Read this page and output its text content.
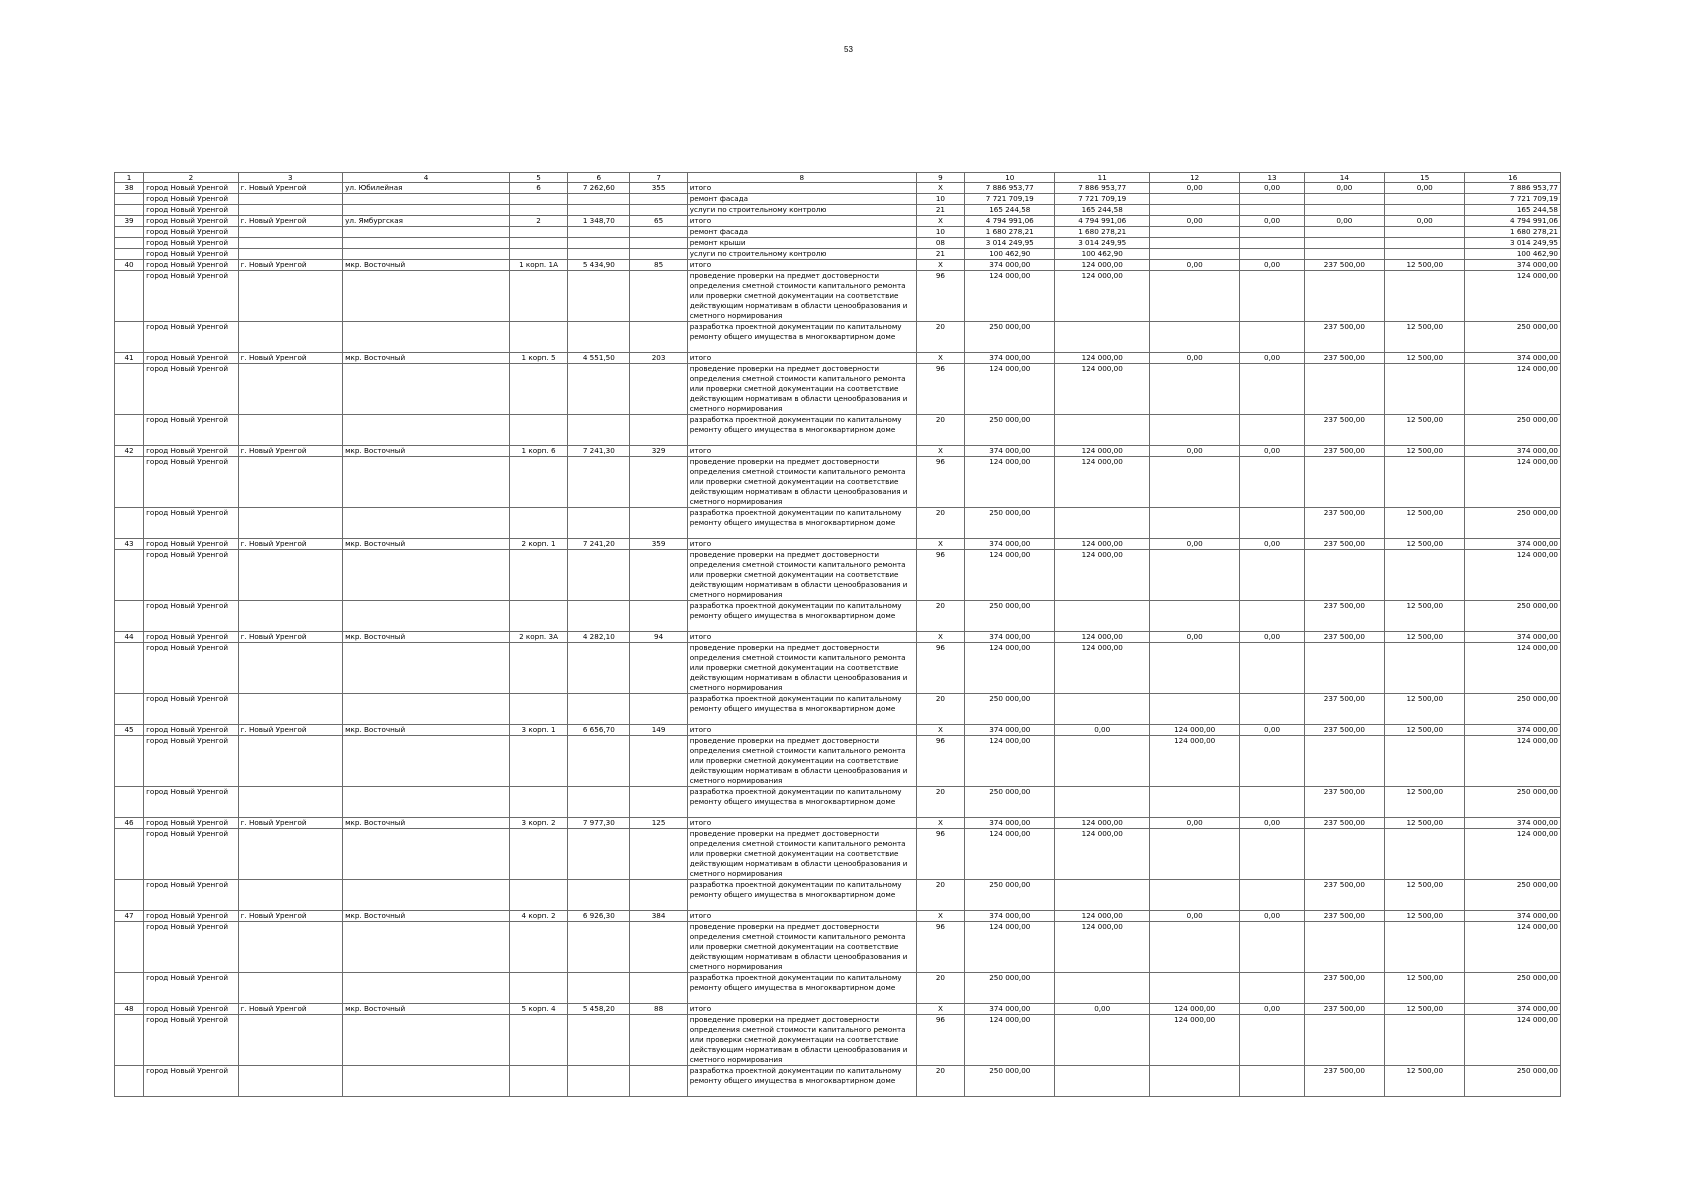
53
1	2	3	4	5	6	7	8	9	10	11	12	13	14	15	16
38	город Новый Уренгой	г. Новый Уренгой	ул. Юбилейная	6	7 262,60	355	итого	X	7 886 953,77	7 886 953,77	0,00	0,00	0,00	0,00	7 886 953,77
	город Новый Уренгой						ремонт фасада	10	7 721 709,19	7 721 709,19					7 721 709,19
	город Новый Уренгой						услуги по строительному контролю	21	165 244,58	165 244,58					165 244,58
39	город Новый Уренгой	г. Новый Уренгой	ул. Ямбургская	2	1 348,70	65	итого	X	4 794 991,06	4 794 991,06	0,00	0,00	0,00	0,00	4 794 991,06
	город Новый Уренгой						ремонт фасада	10	1 680 278,21	1 680 278,21					1 680 278,21
	город Новый Уренгой						ремонт крыши	08	3 014 249,95	3 014 249,95					3 014 249,95
	город Новый Уренгой						услуги по строительному контролю	21	100 462,90	100 462,90					100 462,90
40	город Новый Уренгой	г. Новый Уренгой	мкр. Восточный	1 корп. 1А	5 434,90	85	итого	X	374 000,00	124 000,00	0,00	0,00	237 500,00	12 500,00	374 000,00
	город Новый Уренгой						проведение проверки на предмет достоверности определения сметной стоимости капитального ремонта или проверки сметной документации на соответствие действующим нормативам в области ценообразования и сметного нормирования	96	124 000,00	124 000,00					124 000,00
	город Новый Уренгой						разработка проектной документации по капитальному ремонту общего имущества в многоквартирном доме	20	250 000,00				237 500,00	12 500,00	250 000,00
41	город Новый Уренгой	г. Новый Уренгой	мкр. Восточный	1 корп. 5	4 551,50	203	итого	X	374 000,00	124 000,00	0,00	0,00	237 500,00	12 500,00	374 000,00
	город Новый Уренгой						проведение проверки на предмет достоверности определения сметной стоимости капитального ремонта или проверки сметной документации на соответствие действующим нормативам в области ценообразования и сметного нормирования	96	124 000,00	124 000,00					124 000,00
	город Новый Уренгой						разработка проектной документации по капитальному ремонту общего имущества в многоквартирном доме	20	250 000,00				237 500,00	12 500,00	250 000,00
42	город Новый Уренгой	г. Новый Уренгой	мкр. Восточный	1 корп. 6	7 241,30	329	итого	X	374 000,00	124 000,00	0,00	0,00	237 500,00	12 500,00	374 000,00
	город Новый Уренгой						проведение проверки на предмет достоверности определения сметной стоимости капитального ремонта или проверки сметной документации на соответствие действующим нормативам в области ценообразования и сметного нормирования	96	124 000,00	124 000,00					124 000,00
	город Новый Уренгой						разработка проектной документации по капитальному ремонту общего имущества в многоквартирном доме	20	250 000,00				237 500,00	12 500,00	250 000,00
43	город Новый Уренгой	г. Новый Уренгой	мкр. Восточный	2 корп. 1	7 241,20	359	итого	X	374 000,00	124 000,00	0,00	0,00	237 500,00	12 500,00	374 000,00
	город Новый Уренгой						проведение проверки на предмет достоверности определения сметной стоимости капитального ремонта или проверки сметной документации на соответствие действующим нормативам в области ценообразования и сметного нормирования	96	124 000,00	124 000,00					124 000,00
	город Новый Уренгой						разработка проектной документации по капитальному ремонту общего имущества в многоквартирном доме	20	250 000,00				237 500,00	12 500,00	250 000,00
44	город Новый Уренгой	г. Новый Уренгой	мкр. Восточный	2 корп. 3А	4 282,10	94	итого	X	374 000,00	124 000,00	0,00	0,00	237 500,00	12 500,00	374 000,00
	город Новый Уренгой						проведение проверки на предмет достоверности определения сметной стоимости капитального ремонта или проверки сметной документации на соответствие действующим нормативам в области ценообразования и сметного нормирования	96	124 000,00	124 000,00					124 000,00
	город Новый Уренгой						разработка проектной документации по капитальному ремонту общего имущества в многоквартирном доме	20	250 000,00				237 500,00	12 500,00	250 000,00
45	город Новый Уренгой	г. Новый Уренгой	мкр. Восточный	3 корп. 1	6 656,70	149	итого	X	374 000,00	0,00	124 000,00	0,00	237 500,00	12 500,00	374 000,00
	город Новый Уренгой						проведение проверки на предмет достоверности определения сметной стоимости капитального ремонта или проверки сметной документации на соответствие действующим нормативам в области ценообразования и сметного нормирования	96	124 000,00		124 000,00				124 000,00
	город Новый Уренгой						разработка проектной документации по капитальному ремонту общего имущества в многоквартирном доме	20	250 000,00				237 500,00	12 500,00	250 000,00
46	город Новый Уренгой	г. Новый Уренгой	мкр. Восточный	3 корп. 2	7 977,30	125	итого	X	374 000,00	124 000,00	0,00	0,00	237 500,00	12 500,00	374 000,00
	город Новый Уренгой						проведение проверки на предмет достоверности определения сметной стоимости капитального ремонта или проверки сметной документации на соответствие действующим нормативам в области ценообразования и сметного нормирования	96	124 000,00	124 000,00					124 000,00
	город Новый Уренгой						разработка проектной документации по капитальному ремонту общего имущества в многоквартирном доме	20	250 000,00				237 500,00	12 500,00	250 000,00
47	город Новый Уренгой	г. Новый Уренгой	мкр. Восточный	4 корп. 2	6 926,30	384	итого	X	374 000,00	124 000,00	0,00	0,00	237 500,00	12 500,00	374 000,00
	город Новый Уренгой						проведение проверки на предмет достоверности определения сметной стоимости капитального ремонта или проверки сметной документации на соответствие действующим нормативам в области ценообразования и сметного нормирования	96	124 000,00	124 000,00					124 000,00
	город Новый Уренгой						разработка проектной документации по капитальному ремонту общего имущества в многоквартирном доме	20	250 000,00				237 500,00	12 500,00	250 000,00
48	город Новый Уренгой	г. Новый Уренгой	мкр. Восточный	5 корп. 4	5 458,20	88	итого	X	374 000,00	0,00	124 000,00	0,00	237 500,00	12 500,00	374 000,00
	город Новый Уренгой						проведение проверки на предмет достоверности определения сметной стоимости капитального ремонта или проверки сметной документации на соответствие действующим нормативам в области ценообразования и сметного нормирования	96	124 000,00		124 000,00				124 000,00
	город Новый Уренгой						разработка проектной документации по капитальному ремонту общего имущества в многоквартирном доме	20	250 000,00				237 500,00	12 500,00	250 000,00
